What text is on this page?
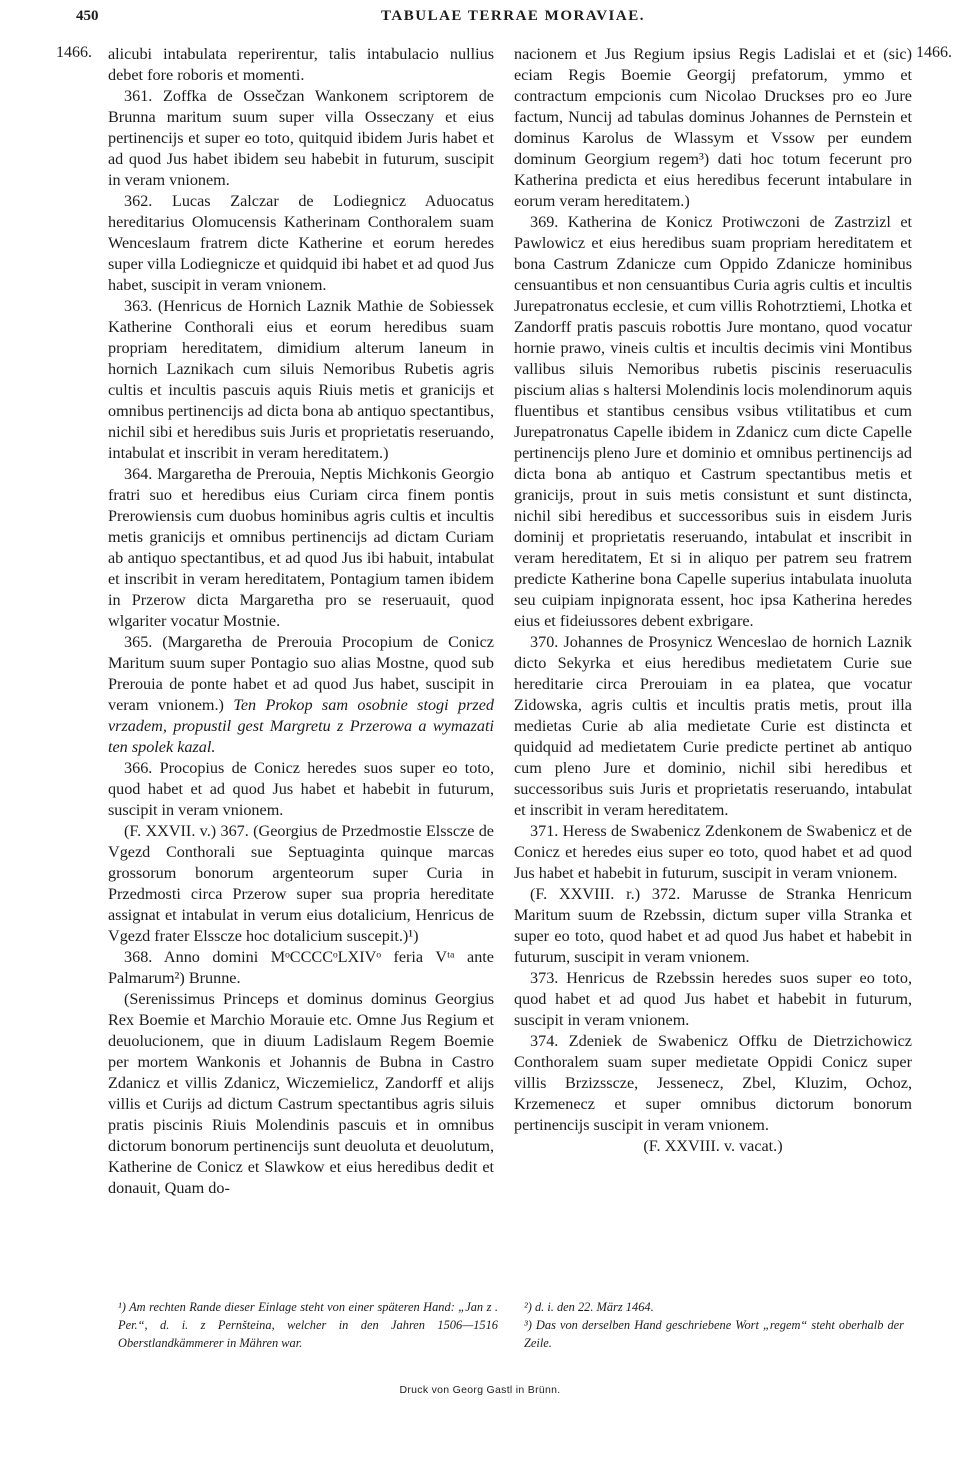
450	TABULAE TERRAE MORAVIAE.
1466.	1466.

alicubi intabulata reperirentur, talis intabulacio nullius debet fore roboris et momenti.

361. Zoffka de Ossečzan Wankonem scriptorem de Brunna maritum suum super villa Osseczany et eius pertinencijs et super eo toto, quitquid ibidem Juris habet et ad quod Jus habet ibidem seu habebit in futurum, suscipit in veram vnionem.

362. Lucas Zalczar de Lodiegnicz Aduocatus hereditarius Olomucensis Katherinam Conthoralem suam Wenceslaum fratrem dicte Katherine et eorum heredes super villa Lodiegnicze et quidquid ibi habet et ad quod Jus habet, suscipit in veram vnionem.

363. (Henricus de Hornich Laznik Mathie de Sobiessek Katherine Conthorali eius et eorum heredibus suam propriam hereditatem, dimidium alterum laneum in hornich Laznikach cum siluis Nemoribus Rubetis agris cultis et incultis pascuis aquis Riuis metis et granicijs et omnibus pertinencijs ad dicta bona ab antiquo spectantibus, nichil sibi et heredibus suis Juris et proprietatis reseruando, intabulat et inscribit in veram hereditatem.)

364. Margaretha de Prerouia, Neptis Michkonis Georgio fratri suo et heredibus eius Curiam circa finem pontis Prerowiensis cum duobus hominibus agris cultis et incultis metis granicijs et omnibus pertinencijs ad dictam Curiam ab antiquo spectantibus, et ad quod Jus ibi habuit, intabulat et inscribit in veram hereditatem, Pontagium tamen ibidem in Przerow dicta Margaretha pro se reseruauit, quod wlgariter vocatur Mostnie.

365. (Margaretha de Prerouia Procopium de Conicz Maritum suum super Pontagio suo alias Mostne, quod sub Prerouia de ponte habet et ad quod Jus habet, suscipit in veram vnionem.) Ten Prokop sam osobnie stogi przed vrzadem, propustil gest Margretu z Przerowa a wymazati ten spolek kazal.

366. Procopius de Conicz heredes suos super eo toto, quod habet et ad quod Jus habet et habebit in futurum, suscipit in veram vnionem.

(F. XXVII. v.) 367. (Georgius de Przedmostie Elsscze de Vgezd Conthorali sue Septuaginta quinque marcas grossorum bonorum argenteorum super Curia in Przedmosti circa Przerow super sua propria hereditate assignat et intabulat in verum eius dotalicium, Henricus de Vgezd frater Elsscze hoc dotalicium suscepit.)¹)

368. Anno domini MᵒCCCCᵒLXIVᵒ feria Vᵗᵃ ante Palmarum²) Brunne.

(Serenissimus Princeps et dominus dominus Georgius Rex Boemie et Marchio Morauie etc. Omne Jus Regium et deuolucionem, que in diuum Ladislaum Regem Boemie per mortem Wankonis et Johannis de Bubna in Castro Zdanicz et villis Zdanicz, Wiczemielicz, Zandorff et alijs villis et Curijs ad dictum Castrum spectantibus agris siluis pratis piscinis Riuis Molendinis pascuis et in omnibus dictorum bonorum pertinencijs sunt deuoluta et deuolutum, Katherine de Conicz et Slawkow et eius heredibus dedit et donauit, Quam do-

nacionem et Jus Regium ipsius Regis Ladislai et et (sic) eciam Regis Boemie Georgij prefatorum, ymmo et contractum empcionis cum Nicolao Druckses pro eo Jure factum, Nuncij ad tabulas dominus Johannes de Pernstein et dominus Karolus de Wlassym et Vssow per eundem dominum Georgium regem³) dati hoc totum fecerunt pro Katherina predicta et eius heredibus fecerunt intabulare in eorum veram hereditatem.)

369. Katherina de Konicz Protiwczoni de Zastrzizl et Pawlowicz et eius heredibus suam propriam hereditatem et bona Castrum Zdanicze cum Oppido Zdanicze hominibus censuantibus et non censuantibus Curia agris cultis et incultis Jurepatronatus ecclesie, et cum villis Rohotrztiemi, Lhotka et Zandorff pratis pascuis robottis Jure montano, quod vocatur hornie prawo, vineis cultis et incultis decimis vini Montibus vallibus siluis Nemoribus rubetis piscinis reseruaculis piscium alias s haltersi Molendinis locis molendinorum aquis fluentibus et stantibus censibus vsibus vtilitatibus et cum Jurepatronatus Capelle ibidem in Zdanicz cum dicte Capelle pertinencijs pleno Jure et dominio et omnibus pertinencijs ad dicta bona ab antiquo et Castrum spectantibus metis et granicijs, prout in suis metis consistunt et sunt distincta, nichil sibi heredibus et successoribus suis in eisdem Juris dominij et proprietatis reseruando, intabulat et inscribit in veram hereditatem, Et si in aliquo per patrem seu fratrem predicte Katherine bona Capelle superius intabulata inuoluta seu cuipiam inpignorata essent, hoc ipsa Katherina heredes eius et fideiussores debent exbrigare.

370. Johannes de Prosynicz Wenceslao de hornich Laznik dicto Sekyrka et eius heredibus medietatem Curie sue hereditarie circa Prerouiam in ea platea, que vocatur Zidowska, agris cultis et incultis pratis metis, prout illa medietas Curie ab alia medietate Curie est distincta et quidquid ad medietatem Curie predicte pertinet ab antiquo cum pleno Jure et dominio, nichil sibi heredibus et successoribus suis Juris et proprietatis reseruando, intabulat et inscribit in veram hereditatem.

371. Heress de Swabenicz Zdenkonem de Swabenicz et de Conicz et heredes eius super eo toto, quod habet et ad quod Jus habet et habebit in futurum, suscipit in veram vnionem.

(F. XXVIII. r.) 372. Marusse de Stranka Henricum Maritum suum de Rzebssin, dictum super villa Stranka et super eo toto, quod habet et ad quod Jus habet et habebit in futurum, suscipit in veram vnionem.

373. Henricus de Rzebssin heredes suos super eo toto, quod habet et ad quod Jus habet et habebit in futurum, suscipit in veram vnionem.

374. Zdeniek de Swabenicz Offku de Dietrzichowicz Conthoralem suam super medietate Oppidi Conicz super villis Brzizsscze, Jessenecz, Zbel, Kluzim, Ochoz, Krzemenecz et super omnibus dictorum bonorum pertinencijs suscipit in veram vnionem.

(F. XXVIII. v. vacat.)

¹) Am rechten Rande dieser Einlage steht von einer späteren Hand: „Jan z . Per.“, d. i. z Pernšteina, welcher in den Jahren 1506—1516 Oberstlandkämmerer in Mähren war.

²) d. i. den 22. März 1464.

³) Das von derselben Hand geschriebene Wort „regem“ steht oberhalb der Zeile.

Druck von Georg Gastl in Brünn.
